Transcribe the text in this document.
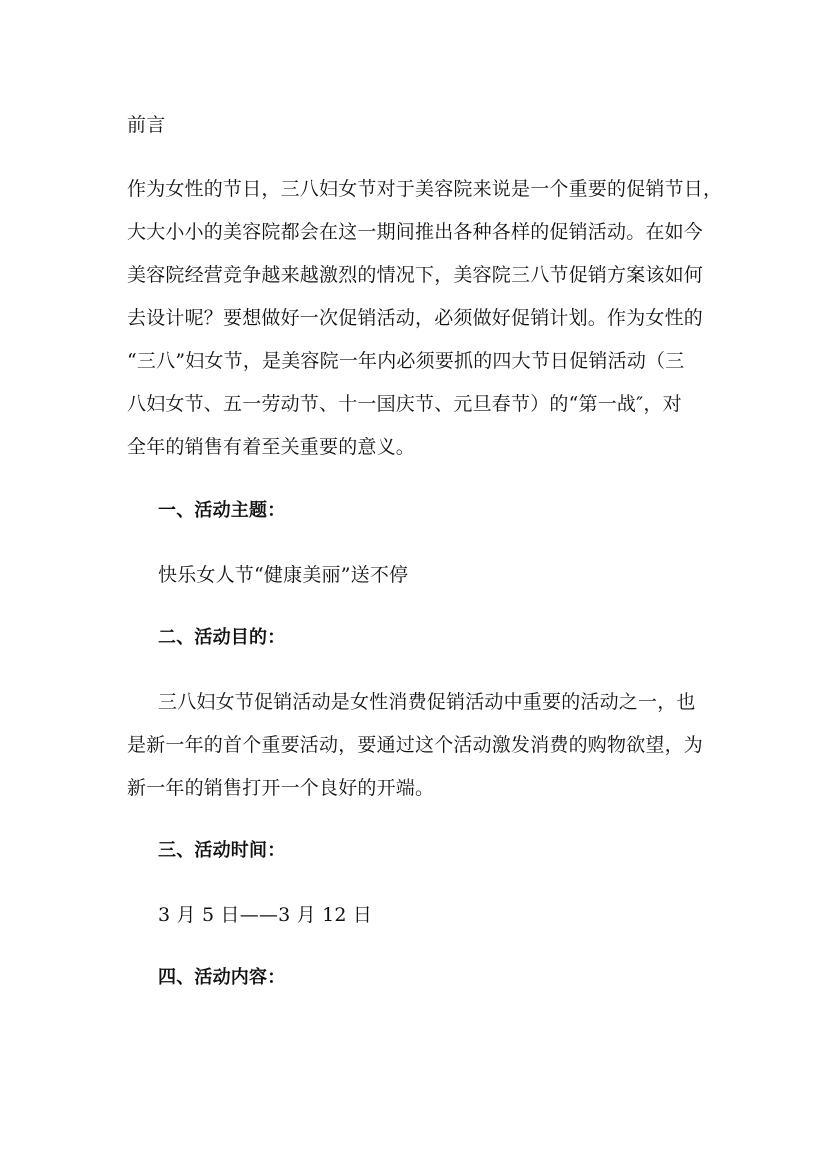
前言
作为女性的节日，三八妇女节对于美容院来说是一个重要的促销节日，
大大小小的美容院都会在这一期间推出各种各样的促销活动。在如今
美容院经营竞争越来越激烈的情况下，美容院三八节促销方案该如何
去设计呢？要想做好一次促销活动，必须做好促销计划。作为女性的
“三八”妇女节，是美容院一年内必须要抓的四大节日促销活动（三
八妇女节、五一劳动节、十一国庆节、元旦春节）的“第一战″，对
全年的销售有着至关重要的意义。
一、活动主题：
快乐女人节“健康美丽”送不停
二、活动目的：
三八妇女节促销活动是女性消费促销活动中重要的活动之一，也
是新一年的首个重要活动，要通过这个活动激发消费的购物欲望，为
新一年的销售打开一个良好的开端。
三、活动时间：
3 月 5 日——3 月 12 日
四、活动内容：
